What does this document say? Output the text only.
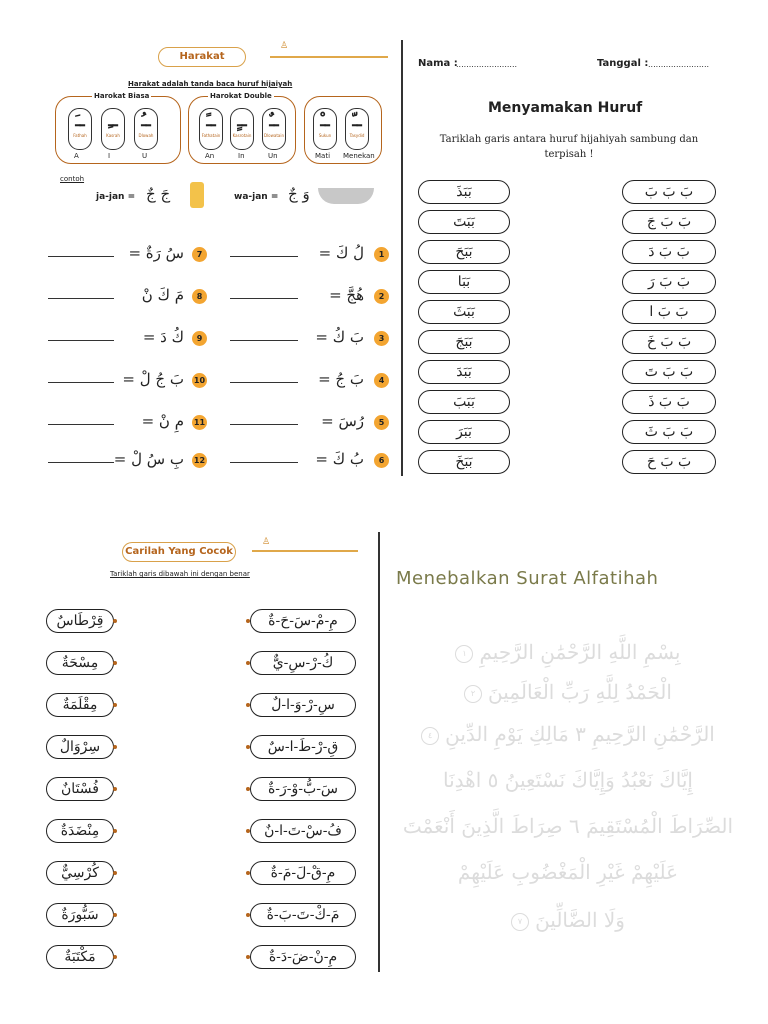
Harakat
♙
Harakat adalah tanda baca huruf hijaiyah
Harokat Biasa	Harokat Double
ــَ
Fathah
ــِ
Kasrah
ــُ
Dlowah
ــً
Fathatain
ــٍ
Kasrotain
ــٌ
Dlowatain
ــْ
Sukun
ــّ
Tasydid
A	I	U	An	In	Un	Mati Menekan
contoh
ja-jan = جَ جٌ	wa-jan = وَ جٌ
1
لُ كَ =
2
هُجَّ =
3
بَ كُ =
4
بَ جُ =
5
رُسَ =
6
بُ كَ =
7
سُ رَةٌ =
8
مَ كَ نْ
9
كُ دَ =
10
بَ جُ لْ =
11
مِ نْ =
12
بِ سُ لْ =
Nama :
........................	Tanggal : ........................
Menyamakan Huruf
Tariklah garis antara huruf hijahiyah sambung dan terpisah !
بَبَذَ
بَبَتَ
بَبَحَ
بَبَا
بَبَثَ
بَبَجَ
بَبَدَ
بَبَبَ
بَبَرَ
بَبَخَ
بَ بَ بَ
بَ بَ جَ
بَ بَ دَ
بَ بَ رَ
بَ بَ ا
بَ بَ خَ
بَ بَ تَ
بَ بَ ذَ
بَ بَ ثَ
بَ بَ حَ
Carilah Yang Cocok
♙
Tariklah garis dibawah ini dengan benar
قِرْطَاسٌ
مِسْحَةٌ
مِقْلَمَةٌ
سِرْوَالٌ
فُسْتَانٌ
مِنْضَدَةٌ
كُرْسِيٌّ
سَبُّورَةٌ
مَكْتَبَةٌ
مِ-مْ-سَ-حَ-ةٌ
كُ-رْ-سِ-يٌّ
سِ-رْ-وَ-ا-لٌ
قِ-رْ-طَ-ا-سٌ
سَ-بُّ-وْ-رَ-ةٌ
فُ-سْ-تَ-ا-نٌ
مِ-قْ-لَ-مَ-ةٌ
مَ-كْ-تَ-بَ-ةٌ
مِ-نْ-ضَ-دَ-ةٌ
Menebalkan Surat Alfatihah
بِسْمِ اللَّهِ الرَّحْمَٰنِ الرَّحِيمِ١
الْحَمْدُ لِلَّهِ رَبِّ الْعَالَمِينَ٢
الرَّحْمَٰنِ الرَّحِيمِ ٣ مَالِكِ يَوْمِ الدِّينِ٤
إِيَّاكَ نَعْبُدُ وَإِيَّاكَ نَسْتَعِينُ ٥ اهْدِنَا
الصِّرَاطَ الْمُسْتَقِيمَ ٦ صِرَاطَ الَّذِينَ أَنْعَمْتَ
عَلَيْهِمْ غَيْرِ الْمَغْضُوبِ عَلَيْهِمْ
وَلَا الضَّالِّينَ٧
